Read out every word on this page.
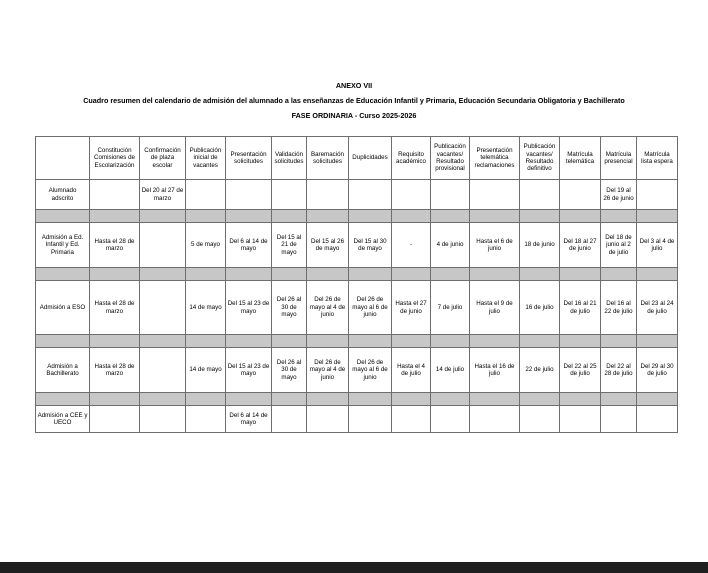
ANEXO VII
Cuadro resumen del calendario de admisión del alumnado a las enseñanzas de Educación Infantil y Primaria, Educación Secundaria Obligatoria y Bachillerato
FASE ORDINARIA - Curso 2025-2026
	Constitución Comisiones de Escolarización	Confirmación de plaza escolar	Publicación inicial de vacantes	Presentación solicitudes	Validación solicitudes	Baremación solicitudes	Duplicidades	Requisito académico	Publicación vacantes/ Resultado provisional	Presentación telemática reclamaciones	Publicación vacantes/ Resultado definitivo	Matrícula telemática	Matrícula presencial	Matrícula lista espera
Alumnado adscrito		Del 20 al 27 de marzo											Del 19 al 26 de junio	

Admisión a Ed. Infantil y Ed. Primaria	Hasta el 28 de marzo		5 de mayo	Del 6 al 14 de mayo	Del 15 al 21 de mayo	Del 15 al 26 de mayo	Del 15 al 30 de mayo	-	4 de junio	Hasta el 6 de junio	18 de junio	Del 18 al 27 de junio	Del 18 de junio al 2 de julio	Del 3 al 4 de julio

Admisión a ESO	Hasta el 28 de marzo		14 de mayo	Del 15 al 23 de mayo	Del 26 al 30 de mayo	Del 26 de mayo al 4 de junio	Del 26 de mayo al 6 de junio	Hasta el 27 de junio	7 de julio	Hasta el 9 de julio	16 de julio	Del 16 al 21 de julio	Del 16 al 22 de julio	Del 23 al 24 de julio

Admisión a Bachillerato	Hasta el 28 de marzo		14 de mayo	Del 15 al 23 de mayo	Del 26 al 30 de mayo	Del 26 de mayo al 4 de junio	Del 26 de mayo al 6 de junio	Hasta el 4 de julio	14 de julio	Hasta el 16 de julio	22 de julio	Del 22 al 25 de julio	Del 22 al 28 de julio	Del 29 al 30 de julio

Admisión a CEE y UECO				Del 6 al 14 de mayo										
